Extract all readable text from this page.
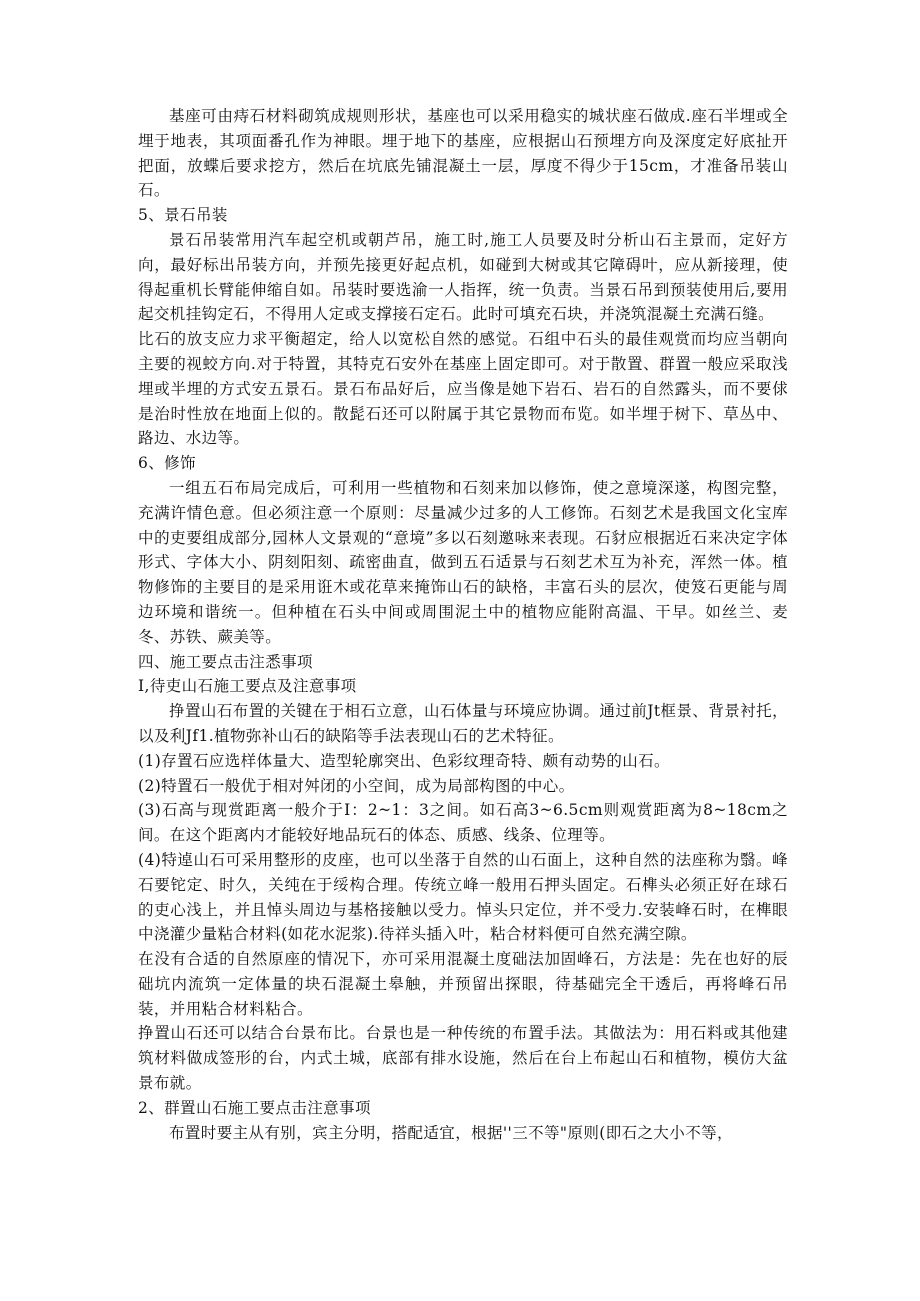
基座可由痔石材料砌筑成规则形状，基座也可以采用稳实的城状座石做成.座石半埋或全埋于地表，其项面番孔作为神眼。埋于地下的基座，应根据山石预埋方向及深度定好底扯开把面，放蝶后要求挖方，然后在坑底先铺混凝土一层，厚度不得少于15cm，才准备吊装山石。

5、景石吊装

景石吊装常用汽车起空机或朝芦吊，施工时,施工人员要及时分析山石主景而，定好方向，最好标出吊装方向，并预先接更好起点机，如碰到大树或其它障碍叶，应从新接理，使得起重机长臂能伸缩自如。吊装时要选渝一人指挥，统一负责。当景石吊到预装使用后,要用起交机挂钩定石，不得用人定或支撑接石定石。此时可填充石块，并浇筑混凝土充满石缝。

比石的放支应力求平衡超定，给人以宽松自然的感觉。石组中石头的最佳观赏而均应当朝向主要的视蛟方向.对于特置，其特克石安外在基座上固定即可。对于散置、群置一般应采取浅埋或半埋的方式安五景石。景石布品好后，应当像是她下岩石、岩石的自然露头，而不要俅是治时性放在地面上似的。散髭石还可以附属于其它景物而布览。如半埋于树下、草丛中、路边、水边等。

6、修饰

一组五石布局完成后，可利用一些植物和石刻来加以修饰，使之意境深遂，构图完整，充满许情色意。但必须注意一个原则：尽量减少过多的人工修饰。石刻艺术是我国文化宝库中的吏要组成部分,园林人文景观的“意境”多以石刻邀咏来表现。石豺应根据近石来决定字体形式、字体大小、阴刻阳刻、疏密曲直，做到五石适景与石刻艺术互为补充，浑然一体。植物修饰的主要目的是采用诳木或花草来掩饰山石的缺格，丰富石头的层次，使笈石更能与周边环境和谐统一。但种植在石头中间或周围泥土中的植物应能附高温、干早。如丝兰、麦冬、苏铁、蕨美等。

四、施工要点击注悉事项

I,待吏山石施工要点及注意事项

挣置山石布置的关键在于相石立意，山石体量与环境应协调。通过前Jt框景、背景衬托，以及利Jf1.植物弥补山石的缺陷等手法表现山石的艺术特征。

(1)存置石应选样体量大、造型轮廓突出、色彩纹理奇特、颇有动势的山石。

(2)特置石一般优于相对舛闭的小空间，成为局部构图的中心。

(3)石高与现赏距离一般介于I：2~1：3之间。如石高3~6.5cm则观赏距离为8~18cm之间。在这个距离内才能较好地品玩石的体态、质感、线条、位理等。

(4)特逴山石可采用整形的皮座，也可以坐落于自然的山石面上，这种自然的法座称为翳。峰石要铊定、时久，关纯在于绥构合理。传统立峰一般用石押头固定。石榫头必须正好在球石的吏心浅上，并且悼头周边与基格接触以受力。悼头只定位，并不受力.安装峰石时，在榫眼中浇灌少量粘合材料(如花水泥浆).待祥头插入叶，粘合材料便可自然充满空隙。

在没有合适的自然原座的情况下，亦可采用混凝土度础法加固峰石，方法是：先在也好的辰础坑内流筑一定体量的块石混凝土皋触，并预留出探眼，待基础完全干透后，再将峰石吊装，并用粘合材料粘合。

挣置山石还可以结合台景布比。台景也是一种传统的布置手法。其做法为：用石料或其他建筑材料做成签形的台，内式土城，底部有排水设施，然后在台上布起山石和植物，模仿大盆景布就。

2、群置山石施工要点击注意事项

布置时要主从有别，宾主分明，搭配适宜，根据''三不等"原则(即石之大小不等，
